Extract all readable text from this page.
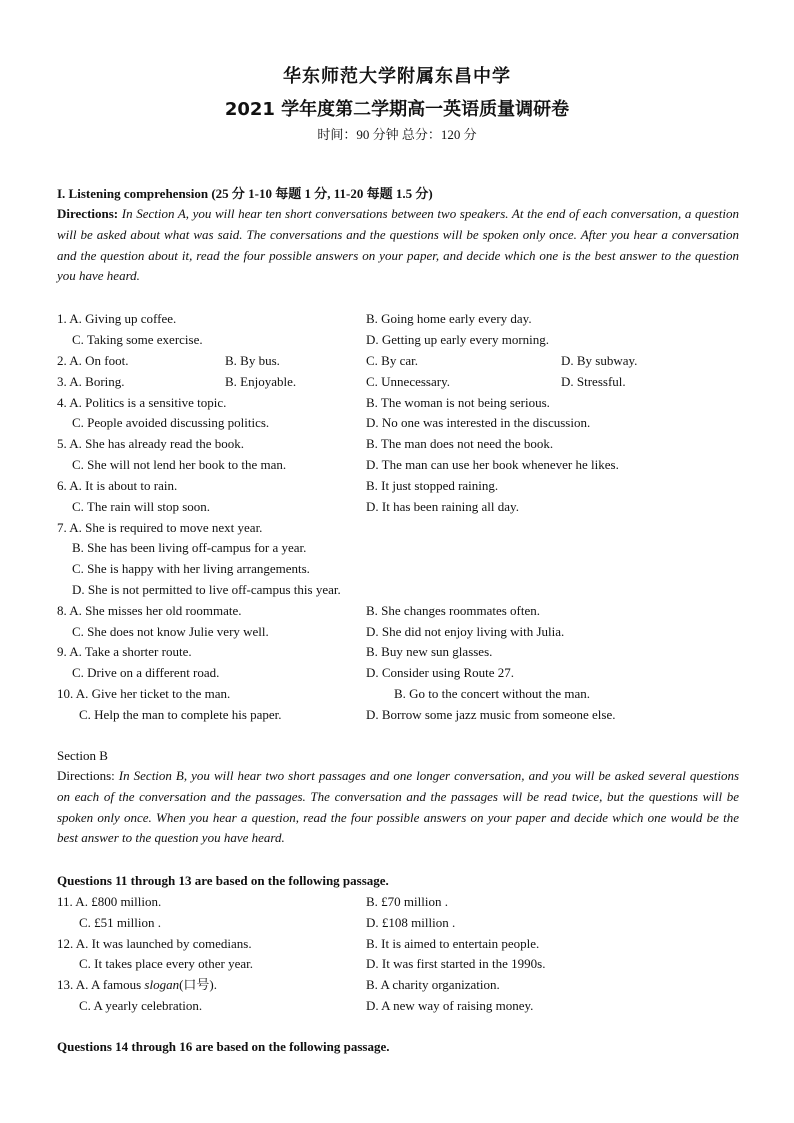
华东师范大学附属东昌中学
2021 学年度第二学期高一英语质量调研卷
时间：90 分钟 总分：120 分
I. Listening comprehension (25 分 1-10 每题 1 分, 11-20 每题 1.5 分)
Directions: In Section A, you will hear ten short conversations between two speakers. At the end of each conversation, a question will be asked about what was said. The conversations and the questions will be spoken only once. After you hear a conversation and the question about it, read the four possible answers on your paper, and decide which one is the best answer to the question you have heard.
1. A. Giving up coffee.	B. Going home early every day.
C. Taking some exercise.	D. Getting up early every morning.
2. A. On foot.	B. By bus.	C. By car.	D. By subway.
3. A. Boring.	B. Enjoyable.	C. Unnecessary.	D. Stressful.
4. A. Politics is a sensitive topic.	B. The woman is not being serious.
C. People avoided discussing politics.	D. No one was interested in the discussion.
5. A. She has already read the book.	B. The man does not need the book.
C. She will not lend her book to the man.	D. The man can use her book whenever he likes.
6. A. It is about to rain.	B. It just stopped raining.
C. The rain will stop soon.	D. It has been raining all day.
7. A. She is required to move next year.
B. She has been living off-campus for a year.
C. She is happy with her living arrangements.
D. She is not permitted to live off-campus this year.
8. A. She misses her old roommate.	B. She changes roommates often.
C. She does not know Julie very well.	D. She did not enjoy living with Julia.
9. A. Take a shorter route.	B. Buy new sun glasses.
C. Drive on a different road.	D. Consider using Route 27.
10. A. Give her ticket to the man.	B. Go to the concert without the man.
C. Help the man to complete his paper.	D. Borrow some jazz music from someone else.
Section B
Directions: In Section B, you will hear two short passages and one longer conversation, and you will be asked several questions on each of the conversation and the passages. The conversation and the passages will be read twice, but the questions will be spoken only once. When you hear a question, read the four possible answers on your paper and decide which one would be the best answer to the question you have heard.
Questions 11 through 13 are based on the following passage.
11. A. £800 million.	B. £70 million .
C. £51 million .	D. £108 million .
12. A. It was launched by comedians.	B. It is aimed to entertain people.
C. It takes place every other year.	D. It was first started in the 1990s.
13. A. A famous slogan(口号).	B. A charity organization.
C. A yearly celebration.	D. A new way of raising money.
Questions 14 through 16 are based on the following passage.
